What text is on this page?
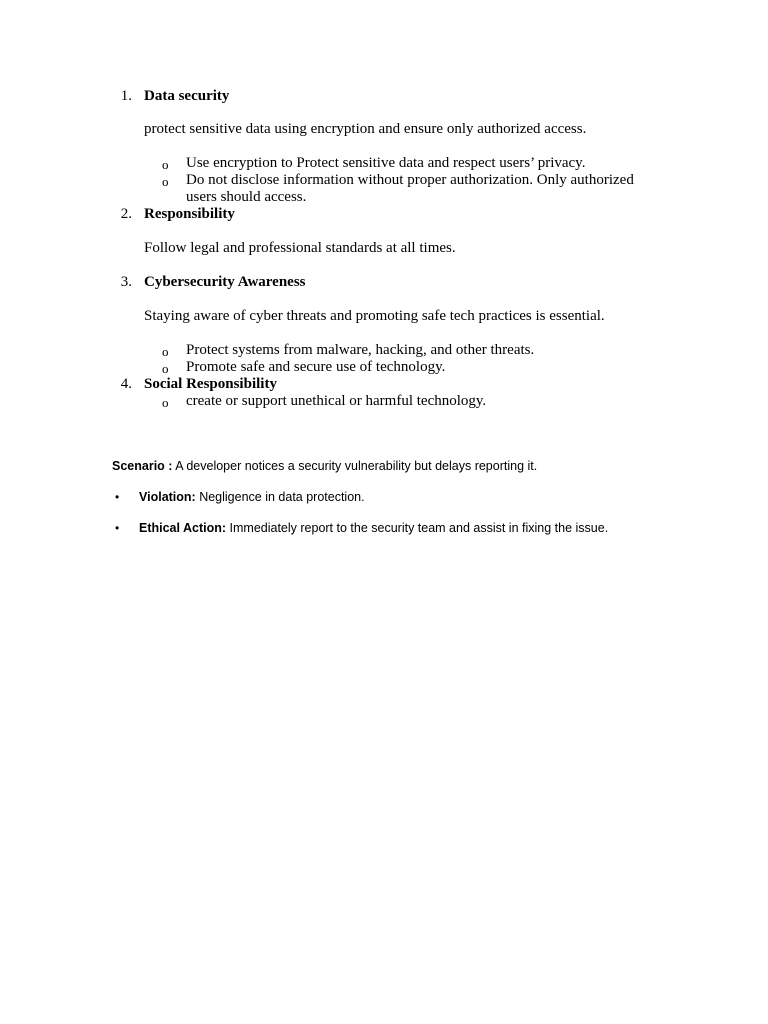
1. Data security
protect sensitive data using encryption and ensure only authorized access.
o Use encryption to Protect sensitive data and respect users’ privacy.
o Do not disclose information without proper authorization. Only authorized
users should access.
2. Responsibility
Follow legal and professional standards at all times.
3. Cybersecurity Awareness
Staying aware of cyber threats and promoting safe tech practices is essential.
o Protect systems from malware, hacking, and other threats.
o Promote safe and secure use of technology.
4. Social Responsibility
o create or support unethical or harmful technology.
Scenario : A developer notices a security vulnerability but delays reporting it.
• Violation: Negligence in data protection.
• Ethical Action: Immediately report to the security team and assist in fixing the issue.
